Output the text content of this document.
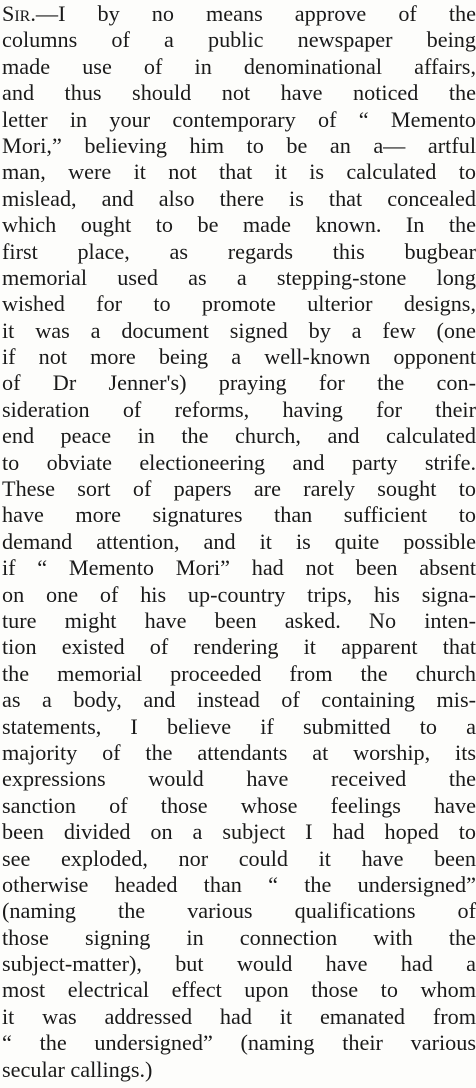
Sir.—I by no means approve of the
columns of a public newspaper being
made use of in denominational affairs,
and thus should not have noticed the
letter in your contemporary of “ Memento
Mori,” believing him to be an a— artful
man, were it not that it is calculated to
mislead, and also there is that concealed
which ought to be made known. In the
first place, as regards this bugbear
memorial used as a stepping-stone long
wished for to promote ulterior designs,
it was a document signed by a few (one
if not more being a well-known opponent
of Dr Jenner's) praying for the con-
sideration of reforms, having for their
end peace in the church, and calculated
to obviate electioneering and party strife.
These sort of papers are rarely sought to
have more signatures than sufficient to
demand attention, and it is quite possible
if “ Memento Mori” had not been absent
on one of his up-country trips, his signa-
ture might have been asked. No inten-
tion existed of rendering it apparent that
the memorial proceeded from the church
as a body, and instead of containing mis-
statements, I believe if submitted to a
majority of the attendants at worship, its
expressions would have received the
sanction of those whose feelings have
been divided on a subject I had hoped to
see exploded, nor could it have been
otherwise headed than “ the undersigned”
(naming the various qualifications of
those signing in connection with the
subject-matter), but would have had a
most electrical effect upon those to whom
it was addressed had it emanated from
“ the undersigned” (naming their various
secular callings.)
